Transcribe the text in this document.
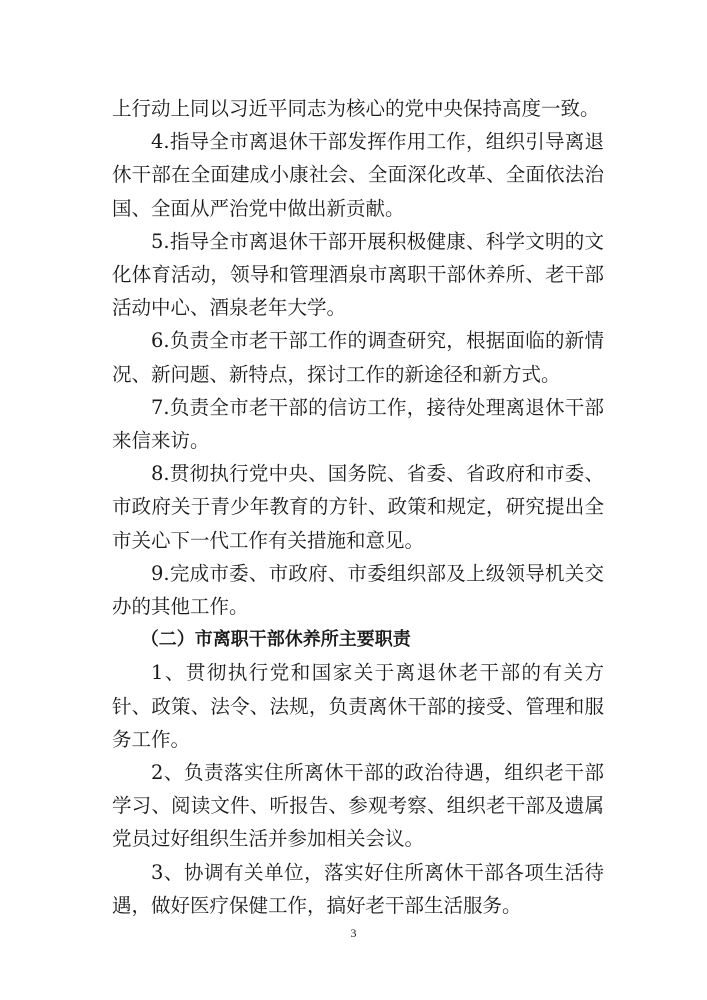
上行动上同以习近平同志为核心的党中央保持高度一致。

4.指导全市离退休干部发挥作用工作，组织引导离退休干部在全面建成小康社会、全面深化改革、全面依法治国、全面从严治党中做出新贡献。

5.指导全市离退休干部开展积极健康、科学文明的文化体育活动，领导和管理酒泉市离职干部休养所、老干部活动中心、酒泉老年大学。

6.负责全市老干部工作的调查研究，根据面临的新情况、新问题、新特点，探讨工作的新途径和新方式。

7.负责全市老干部的信访工作，接待处理离退休干部来信来访。

8.贯彻执行党中央、国务院、省委、省政府和市委、市政府关于青少年教育的方针、政策和规定，研究提出全市关心下一代工作有关措施和意见。

9.完成市委、市政府、市委组织部及上级领导机关交办的其他工作。

（二）市离职干部休养所主要职责

1、贯彻执行党和国家关于离退休老干部的有关方针、政策、法令、法规，负责离休干部的接受、管理和服务工作。

2、负责落实住所离休干部的政治待遇，组织老干部学习、阅读文件、听报告、参观考察、组织老干部及遗属党员过好组织生活并参加相关会议。

3、协调有关单位，落实好住所离休干部各项生活待遇，做好医疗保健工作，搞好老干部生活服务。

3
